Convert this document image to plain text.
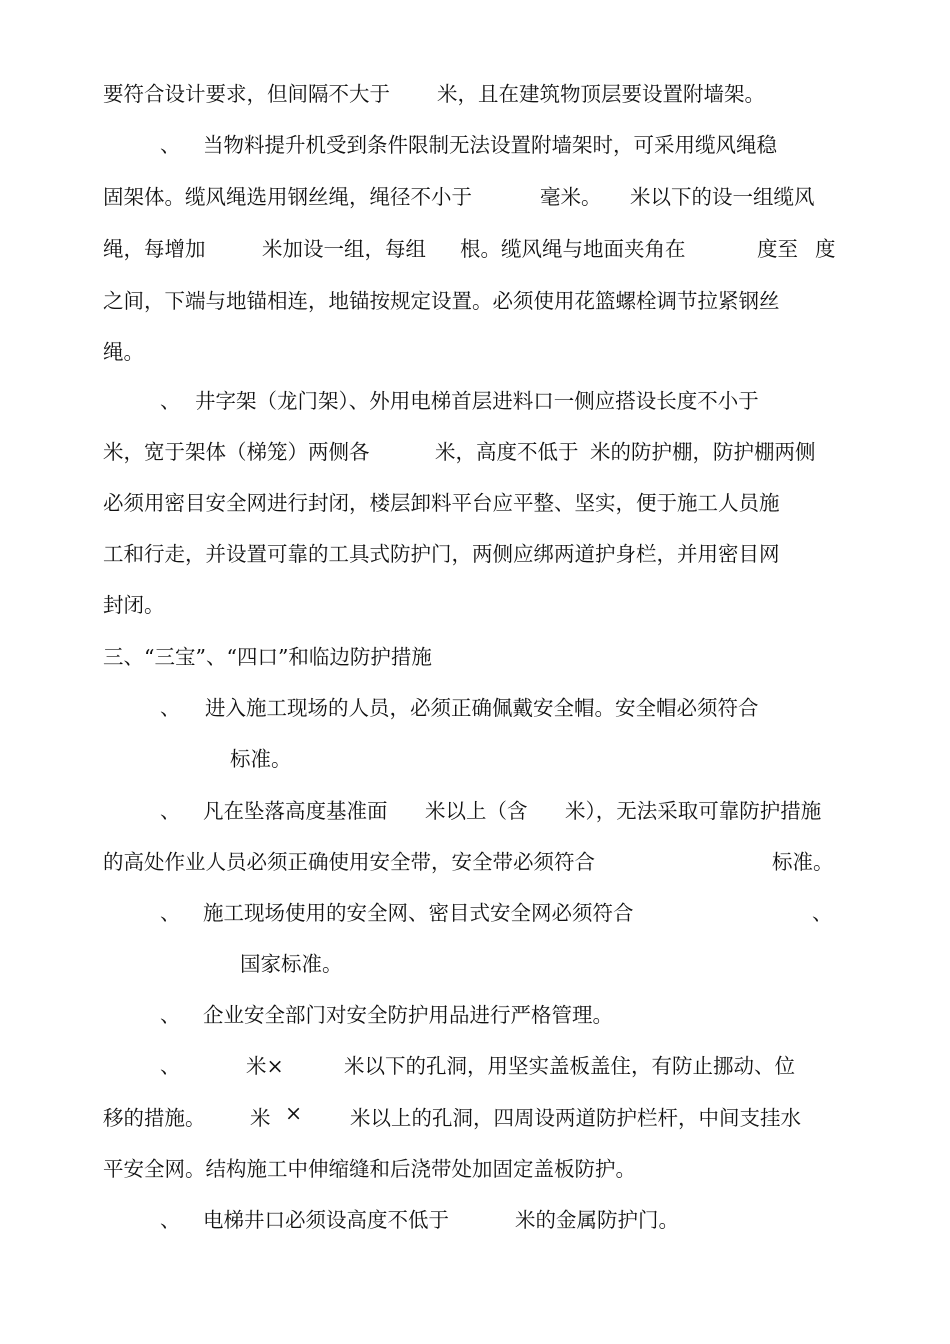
要符合设计要求，但间隔不大于 米，且在建筑物顶层要设置附墙架。
、 当物料提升机受到条件限制无法设置附墙架时，可采用缆风绳稳
固架体。缆风绳选用钢丝绳，绳径不小于	毫米。 米以下的设一组缆风
绳，每增加	米加设一组，每组 根。缆风绳与地面夹角在	度至 度
之间，下端与地锚相连，地锚按规定设置。必须使用花篮螺栓调节拉紧钢丝
绳。
、 井字架（龙门架）、外用电梯首层进料口一侧应搭设长度不小于
米，宽于架体（梯笼）两侧各	米，高度不低于 米的防护棚，防护棚两侧
必须用密目安全网进行封闭，楼层卸料平台应平整、坚实，便于施工人员施
工和行走，并设置可靠的工具式防护门，两侧应绑两道护身栏，并用密目网
封闭。
三、“三宝”、“四口”和临边防护措施
、 进入施工现场的人员，必须正确佩戴安全帽。安全帽必须符合
标准。
、 凡在坠落高度基准面 米以上（含 米），无法采取可靠防护措施
的高处作业人员必须正确使用安全带，安全带必须符合	标准。
、 施工现场使用的安全网、密目式安全网必须符合	、
国家标准。
、 企业安全部门对安全防护用品进行严格管理。
、	米×	米以下的孔洞，用坚实盖板盖住，有防止挪动、位
移的措施。 米 × 米以上的孔洞，四周设两道防护栏杆，中间支挂水
平安全网。结构施工中伸缩缝和后浇带处加固定盖板防护。
、 电梯井口必须设高度不低于	米的金属防护门。
